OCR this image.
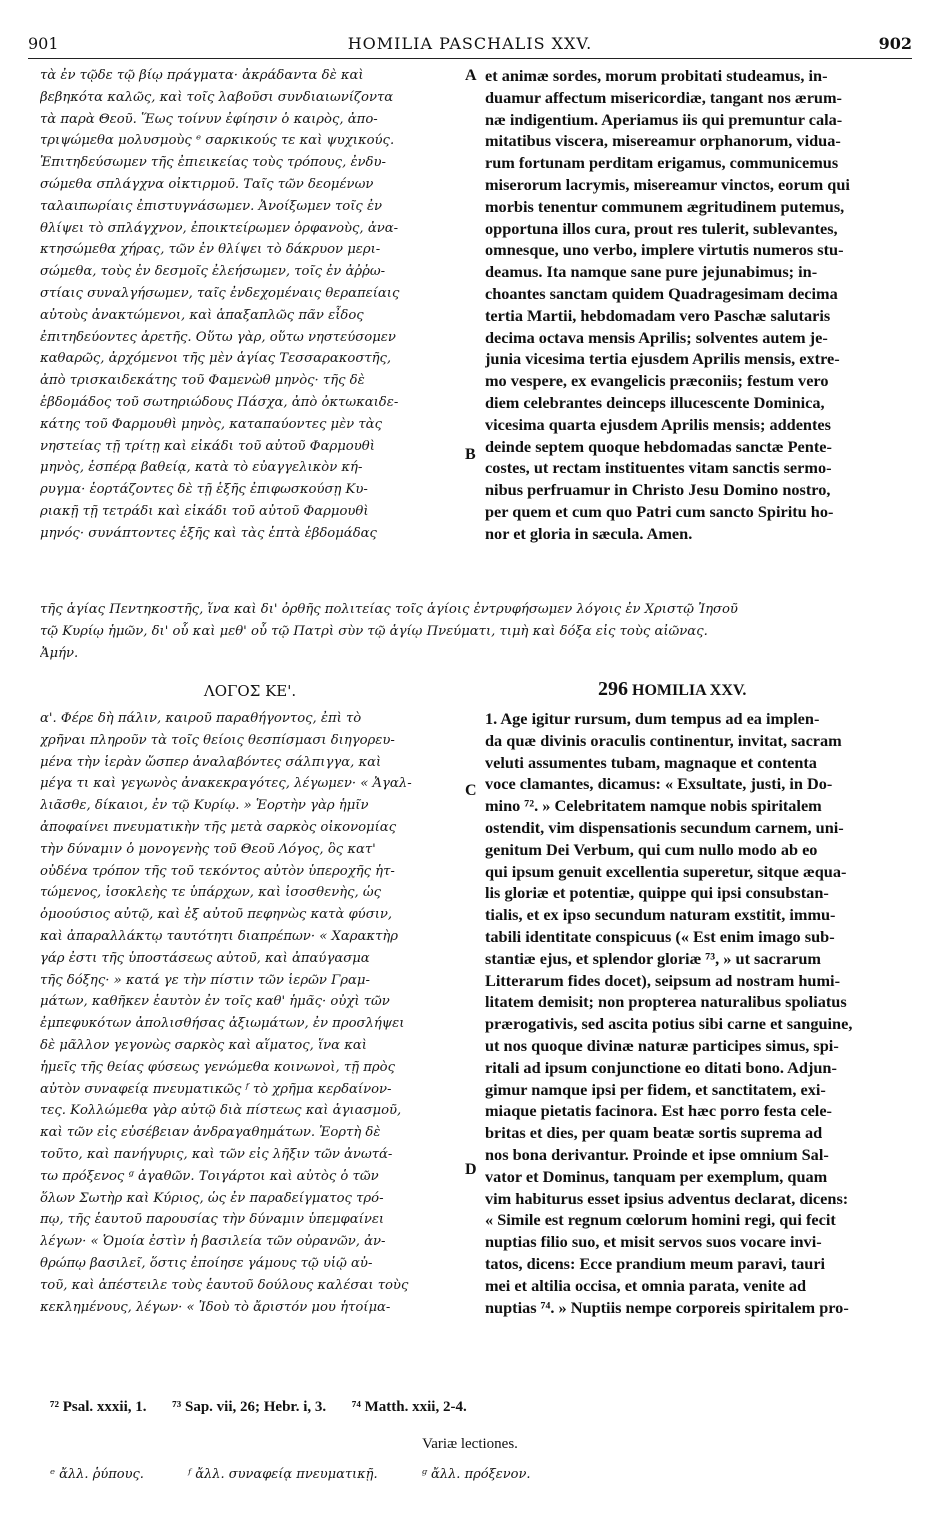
901	HOMILIA PASCHALIS XXV.	902

τὰ ἐν τῷδε τῷ βίῳ πράγματα· ἀκράδαντα δὲ καὶ

βεβηκότα καλῶς, καὶ τοῖς λαβοῦσι συνδιαιωνίζοντα

τὰ παρὰ Θεοῦ. Ἕως τοίνυν ἐφίησιν ὁ καιρὸς, ἀπο-

τριψώμεθα μολυσμοὺς ᵉ σαρκικούς τε καὶ ψυχικούς.

Ἐπιτηδεύσωμεν τῆς ἐπιεικείας τοὺς τρόπους, ἐνδυ-

σώμεθα σπλάγχνα οἰκτιρμοῦ. Ταῖς τῶν δεομένων

ταλαιπωρίαις ἐπιστυγνάσωμεν. Ἀνοίξωμεν τοῖς ἐν

θλίψει τὸ σπλάγχνον, ἐποικτείρωμεν ὀρφανοὺς, ἀνα-

κτησώμεθα χήρας, τῶν ἐν θλίψει τὸ δάκρυον μερι-

σώμεθα, τοὺς ἐν δεσμοῖς ἐλεήσωμεν, τοῖς ἐν ἀῤῥω-

στίαις συναλγήσωμεν, ταῖς ἐνδεχομέναις θεραπείαις

αὐτοὺς ἀνακτώμενοι, καὶ ἁπαξαπλῶς πᾶν εἶδος

ἐπιτηδεύοντες ἀρετῆς. Οὕτω γὰρ, οὕτω νηστεύσομεν

καθαρῶς, ἀρχόμενοι τῆς μὲν ἁγίας Τεσσαρακοστῆς,

ἀπὸ τρισκαιδεκάτης τοῦ Φαμενὼθ μηνὸς· τῆς δὲ

ἑβδομάδος τοῦ σωτηριώδους Πάσχα, ἀπὸ ὀκτωκαιδε-

κάτης τοῦ Φαρμουθὶ μηνὸς, καταπαύοντες μὲν τὰς

νηστείας τῇ τρίτῃ καὶ εἰκάδι τοῦ αὐτοῦ Φαρμουθὶ

μηνὸς, ἑσπέρᾳ βαθείᾳ, κατὰ τὸ εὐαγγελικὸν κή-

ρυγμα· ἑορτάζοντες δὲ τῇ ἑξῆς ἐπιφωσκούσῃ Κυ-

ριακῇ τῇ τετράδι καὶ εἰκάδι τοῦ αὐτοῦ Φαρμουθὶ

μηνός· συνάπτοντες ἑξῆς καὶ τὰς ἑπτὰ ἑβδομάδας

A
B

et animæ sordes, morum probitati studeamus, in-

duamur affectum misericordiæ, tangant nos ærum-

næ indigentium. Aperiamus iis qui premuntur cala-

mitatibus viscera, misereamur orphanorum, vidua-

rum fortunam perditam erigamus, communicemus

miserorum lacrymis, misereamur vinctos, eorum qui

morbis tenentur communem ægritudinem putemus,

opportuna illos cura, prout res tulerit, sublevantes,

omnesque, uno verbo, implere virtutis numeros stu-

deamus. Ita namque sane pure jejunabimus; in-

choantes sanctam quidem Quadragesimam decima

tertia Martii, hebdomadam vero Paschæ salutaris

decima octava mensis Aprilis; solventes autem je-

junia vicesima tertia ejusdem Aprilis mensis, extre-

mo vespere, ex evangelicis præconiis; festum vero

diem celebrantes deinceps illucescente Dominica,

vicesima quarta ejusdem Aprilis mensis; addentes

deinde septem quoque hebdomadas sanctæ Pente-

costes, ut rectam instituentes vitam sanctis sermo-

nibus perfruamur in Christo Jesu Domino nostro,

per quem et cum quo Patri cum sancto Spiritu ho-

nor et gloria in sæcula. Amen.

τῆς ἁγίας Πεντηκοστῆς, ἵνα καὶ δι' ὀρθῆς πολιτείας τοῖς ἁγίοις ἐντρυφήσωμεν λόγοις ἐν Χριστῷ Ἰησοῦ

τῷ Κυρίῳ ἡμῶν, δι' οὗ καὶ μεθ' οὗ τῷ Πατρὶ σὺν τῷ ἁγίῳ Πνεύματι, τιμὴ καὶ δόξα εἰς τοὺς αἰῶνας.

Ἀμήν.

ΛΟΓΟΣ ΚΕ'.	296 HOMILIA XXV.

α'. Φέρε δὴ πάλιν, καιροῦ παραθήγοντος, ἐπὶ τὸ

χρῆναι πληροῦν τὰ τοῖς θείοις θεσπίσμασι διηγορευ-

μένα τὴν ἱερὰν ὥσπερ ἀναλαβόντες σάλπιγγα, καὶ

μέγα τι καὶ γεγωνὸς ἀνακεκραγότες, λέγωμεν· « Ἀγαλ-

λιᾶσθε, δίκαιοι, ἐν τῷ Κυρίῳ. » Ἑορτὴν γὰρ ἡμῖν

ἀποφαίνει πνευματικὴν τῆς μετὰ σαρκὸς οἰκονομίας

τὴν δύναμιν ὁ μονογενὴς τοῦ Θεοῦ Λόγος, ὃς κατ'

οὐδένα τρόπον τῆς τοῦ τεκόντος αὐτὸν ὑπεροχῆς ἡτ-

τώμενος, ἰσοκλεὴς τε ὑπάρχων, καὶ ἰσοσθενὴς, ὡς

ὁμοούσιος αὐτῷ, καὶ ἐξ αὐτοῦ πεφηνὼς κατὰ φύσιν,

καὶ ἀπαραλλάκτῳ ταυτότητι διαπρέπων· « Χαρακτὴρ

γάρ ἐστι τῆς ὑποστάσεως αὐτοῦ, καὶ ἀπαύγασμα

τῆς δόξης· » κατά γε τὴν πίστιν τῶν ἱερῶν Γραμ-

μάτων, καθῆκεν ἑαυτὸν ἐν τοῖς καθ' ἡμᾶς· οὐχὶ τῶν

ἐμπεφυκότων ἀπολισθήσας ἀξιωμάτων, ἐν προσλήψει

δὲ μᾶλλον γεγονὼς σαρκὸς καὶ αἵματος, ἵνα καὶ

ἡμεῖς τῆς θείας φύσεως γενώμεθα κοινωνοὶ, τῇ πρὸς

αὐτὸν συναφείᾳ πνευματικῶς ᶠ τὸ χρῆμα κερδαίνον-

τες. Κολλώμεθα γὰρ αὐτῷ διὰ πίστεως καὶ ἁγιασμοῦ,

καὶ τῶν εἰς εὐσέβειαν ἀνδραγαθημάτων. Ἑορτὴ δὲ

τοῦτο, καὶ πανήγυρις, καὶ τῶν εἰς λῆξιν τῶν ἀνωτά-

τω πρόξενος ᵍ ἀγαθῶν. Τοιγάρτοι καὶ αὐτὸς ὁ τῶν

ὅλων Σωτὴρ καὶ Κύριος, ὡς ἐν παραδείγματος τρό-

πῳ, τῆς ἑαυτοῦ παρουσίας τὴν δύναμιν ὑπεμφαίνει

λέγων· « Ὁμοία ἐστὶν ἡ βασιλεία τῶν οὐρανῶν, ἀν-

θρώπῳ βασιλεῖ, ὅστις ἐποίησε γάμους τῷ υἱῷ αὐ-

τοῦ, καὶ ἀπέστειλε τοὺς ἑαυτοῦ δούλους καλέσαι τοὺς

κεκλημένους, λέγων· « Ἰδοὺ τὸ ἄριστόν μου ἡτοίμα-

C
D

1. Age igitur rursum, dum tempus ad ea implen-

da quæ divinis oraculis continentur, invitat, sacram

veluti assumentes tubam, magnaque et contenta

voce clamantes, dicamus: « Exsultate, justi, in Do-

mino ⁷². » Celebritatem namque nobis spiritalem

ostendit, vim dispensationis secundum carnem, uni-

genitum Dei Verbum, qui cum nullo modo ab eo

qui ipsum genuit excellentia superetur, sitque æqua-

lis gloriæ et potentiæ, quippe qui ipsi consubstan-

tialis, et ex ipso secundum naturam exstitit, immu-

tabili identitate conspicuus (« Est enim imago sub-

stantiæ ejus, et splendor gloriæ ⁷³, » ut sacrarum

Litterarum fides docet), seipsum ad nostram humi-

litatem demisit; non propterea naturalibus spoliatus

prærogativis, sed ascita potius sibi carne et sanguine,

ut nos quoque divinæ naturæ participes simus, spi-

ritali ad ipsum conjunctione eo ditati bono. Adjun-

gimur namque ipsi per fidem, et sanctitatem, exi-

miaque pietatis facinora. Est hæc porro festa cele-

britas et dies, per quam beatæ sortis suprema ad

nos bona derivantur. Proinde et ipse omnium Sal-

vator et Dominus, tanquam per exemplum, quam

vim habiturus esset ipsius adventus declarat, dicens:

« Simile est regnum cœlorum homini regi, qui fecit

nuptias filio suo, et misit servos suos vocare invi-

tatos, dicens: Ecce prandium meum paravi, tauri

mei et altilia occisa, et omnia parata, venite ad

nuptias ⁷⁴. » Nuptiis nempe corporeis spiritalem pro-

⁷² Psal. xxxii, 1. ⁷³ Sap. vii, 26; Hebr. i, 3. ⁷⁴ Matth. xxii, 2-4.
Variæ lectiones.
ᵉ ἄλλ. ῥύπους.	ᶠ ἄλλ. συναφείᾳ πνευματικῇ.	ᵍ ἄλλ. πρόξενον.
